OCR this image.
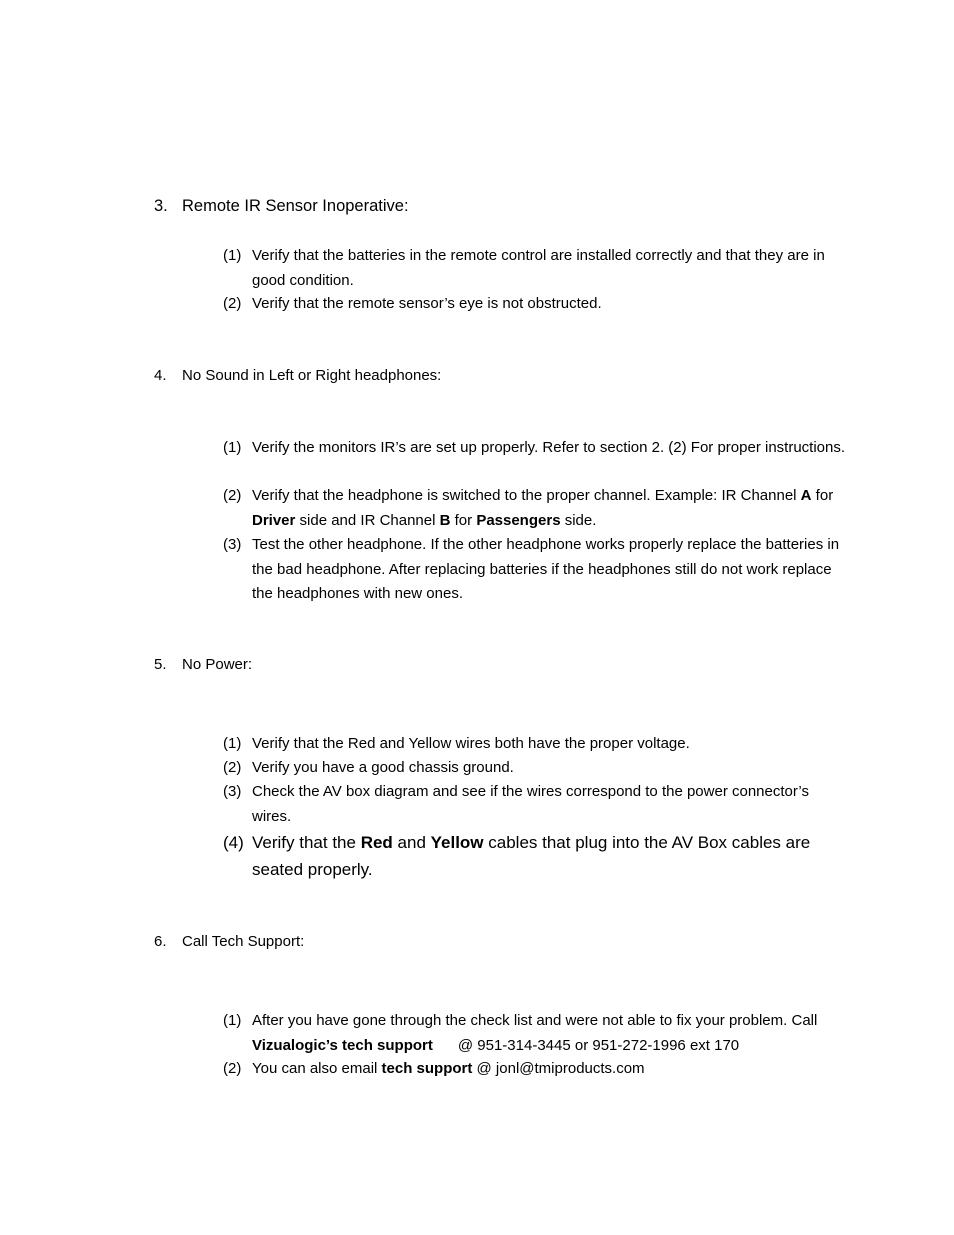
3. Remote IR Sensor Inoperative:
(1) Verify that the batteries in the remote control are installed correctly and that they are in good condition.
(2) Verify that the remote sensor’s eye is not obstructed.
4. No Sound in Left or Right headphones:
(1) Verify the monitors IR’s are set up properly. Refer to section 2. (2) For proper instructions.
(2) Verify that the headphone is switched to the proper channel. Example: IR Channel A for Driver side and IR Channel B for Passengers side.
(3) Test the other headphone. If the other headphone works properly replace the batteries in the bad headphone. After replacing batteries if the headphones still do not work replace the headphones with new ones.
5. No Power:
(1) Verify that the Red and Yellow wires both have the proper voltage.
(2) Verify you have a good chassis ground.
(3) Check the AV box diagram and see if the wires correspond to the power connector’s wires.
(4) Verify that the Red and Yellow cables that plug into the AV Box cables are seated properly.
6. Call Tech Support:
(1) After you have gone through the check list and were not able to fix your problem. Call Vizualogic’s tech support      @ 951-314-3445 or 951-272-1996 ext 170
(2) You can also email tech support @ jonl@tmiproducts.com
